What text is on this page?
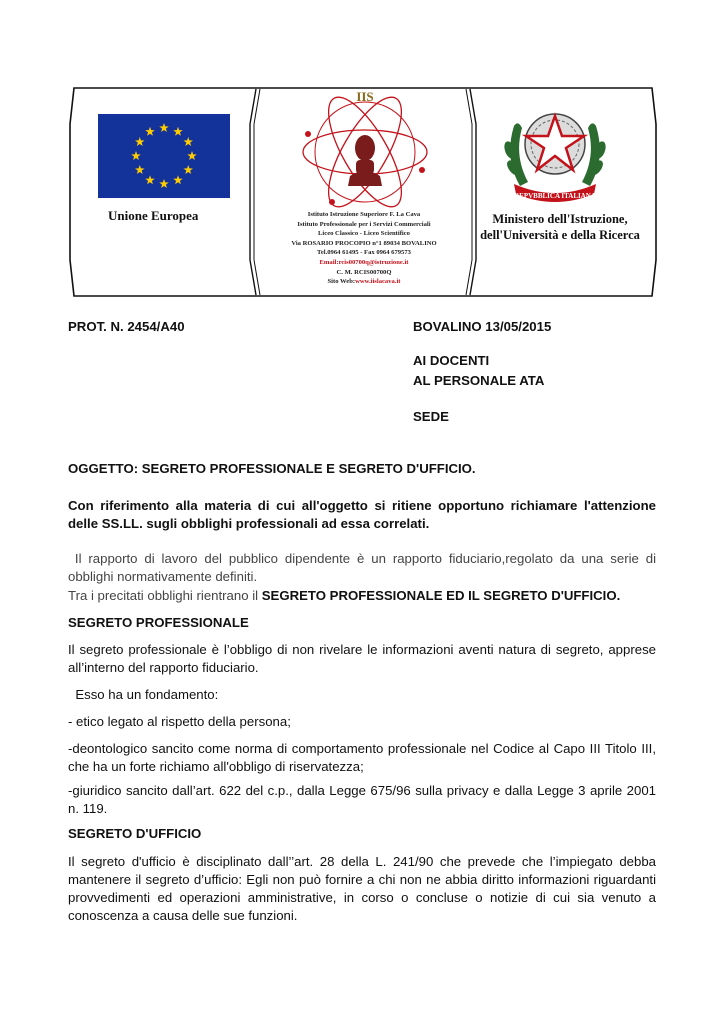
Unione Europea
IIS
Istituto Istruzione Superiore F. La Cava
Istituto Professionale per i Servizi Commerciali
Liceo Classico - Liceo Scientifico
Via ROSARIO PROCOPIO n°1 89034 BOVALINO
Tel.0964 61495 - Fax 0964 679573
Email:rcis00700q@istruzione.it
C. M. RCIS00700Q
Sito Web:www.iislacava.it
REPVBBLICA ITALIANA
Ministero dell'Istruzione,
dell'Università e della Ricerca

PROT. N. 2454/A40	BOVALINO 13/05/2015

AI DOCENTI

AL PERSONALE ATA

SEDE

OGGETTO: SEGRETO PROFESSIONALE E SEGRETO D'UFFICIO.

Con riferimento alla materia di cui all'oggetto si ritiene opportuno richiamare l'attenzione delle SS.LL. sugli obblighi professionali ad essa correlati.

Il rapporto di lavoro del pubblico dipendente è un rapporto fiduciario,regolato da una serie di obblighi normativamente definiti.

Tra i precitati obblighi rientrano il SEGRETO PROFESSIONALE ED IL SEGRETO D'UFFICIO.

SEGRETO PROFESSIONALE

Il segreto professionale è l’obbligo di non rivelare le informazioni aventi natura di segreto, apprese all’interno del rapporto fiduciario.

Esso ha un fondamento:

- etico legato al rispetto della persona;

-deontologico sancito come norma di comportamento professionale nel Codice al Capo III Titolo III, che ha un forte richiamo all'obbligo di riservatezza;

-giuridico sancito dall’art. 622 del c.p., dalla Legge 675/96 sulla privacy e dalla Legge 3 aprile 2001 n. 119.

SEGRETO D'UFFICIO

Il segreto d'ufficio è disciplinato dall’’art. 28 della L. 241/90 che prevede che l’impiegato debba mantenere il segreto d’ufficio: Egli non può fornire a chi non ne abbia diritto informazioni riguardanti provvedimenti ed operazioni amministrative, in corso o concluse o notizie di cui sia venuto a conoscenza a causa delle sue funzioni.
